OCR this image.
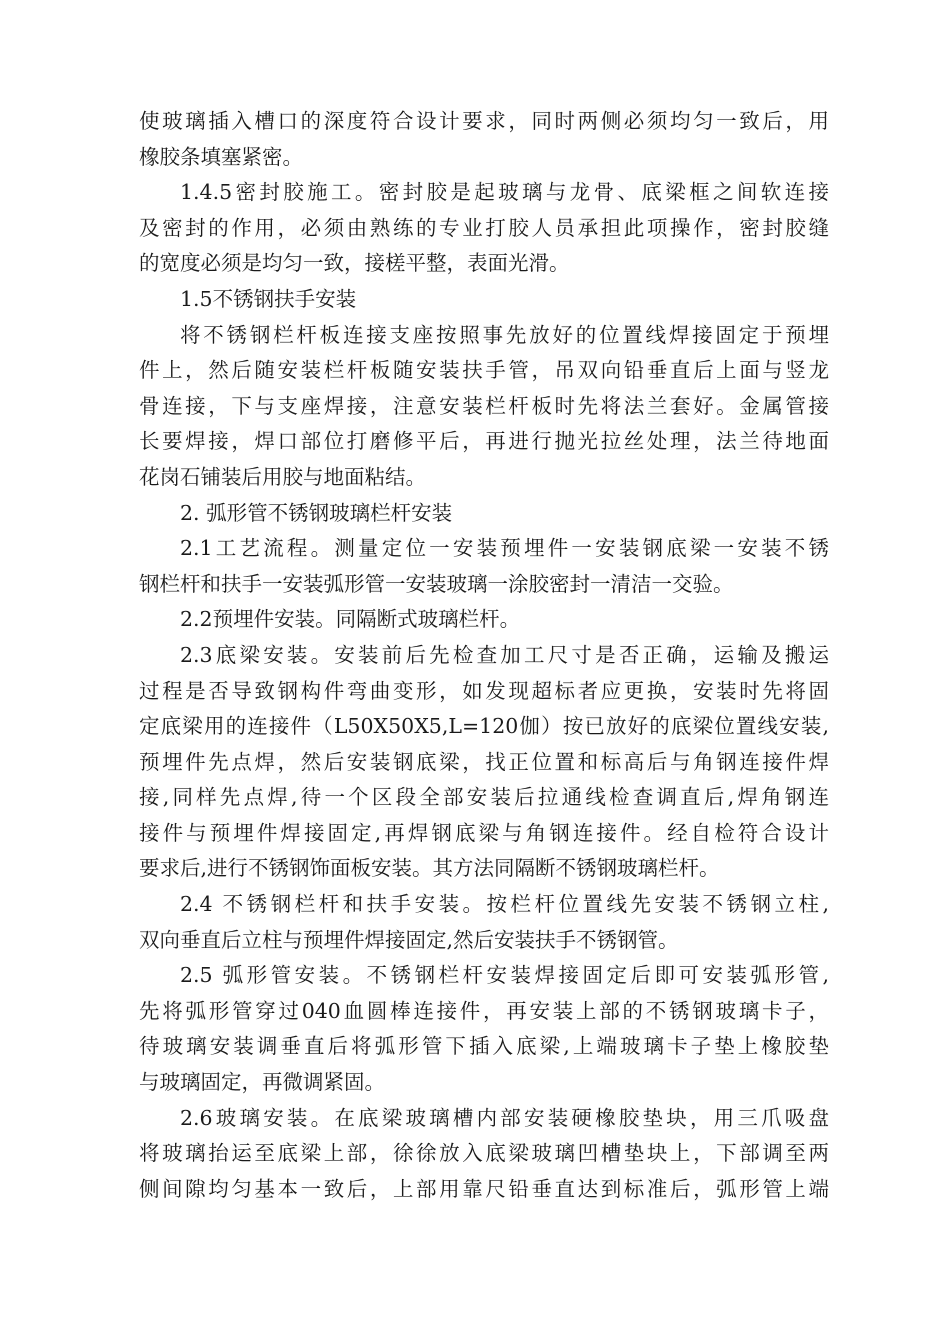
使玻璃插入槽口的深度符合设计要求，同时两侧必须均匀一致后，用
橡胶条填塞紧密。
1.4.5密封胶施工。密封胶是起玻璃与龙骨、底梁框之间软连接
及密封的作用，必须由熟练的专业打胶人员承担此项操作，密封胶缝
的宽度必须是均匀一致，接槎平整，表面光滑。
1.5不锈钢扶手安装
将不锈钢栏杆板连接支座按照事先放好的位置线焊接固定于预埋
件上，然后随安装栏杆板随安装扶手管，吊双向铅垂直后上面与竖龙
骨连接，下与支座焊接，注意安装栏杆板时先将法兰套好。金属管接
长要焊接，焊口部位打磨修平后，再进行抛光拉丝处理，法兰待地面
花岗石铺装后用胶与地面粘结。
2. 弧形管不锈钢玻璃栏杆安装
2.1工艺流程。测量定位一安装预埋件一安装钢底梁一安装不锈
钢栏杆和扶手一安装弧形管一安装玻璃一涂胶密封一清洁一交验。
2.2预埋件安装。同隔断式玻璃栏杆。
2.3底梁安装。安装前后先检查加工尺寸是否正确，运输及搬运
过程是否导致钢构件弯曲变形，如发现超标者应更换，安装时先将固
定底梁用的连接件（L50X50X5,L=120伽）按已放好的底梁位置线安装,
预埋件先点焊，然后安装钢底梁，找正位置和标高后与角钢连接件焊
接,同样先点焊,待一个区段全部安装后拉通线检查调直后,焊角钢连
接件与预埋件焊接固定,再焊钢底梁与角钢连接件。经自检符合设计
要求后,进行不锈钢饰面板安装。其方法同隔断不锈钢玻璃栏杆。
2.4 不锈钢栏杆和扶手安装。按栏杆位置线先安装不锈钢立柱,
双向垂直后立柱与预埋件焊接固定,然后安装扶手不锈钢管。
2.5 弧形管安装。不锈钢栏杆安装焊接固定后即可安装弧形管,
先将弧形管穿过040血圆棒连接件，再安装上部的不锈钢玻璃卡子，
待玻璃安装调垂直后将弧形管下插入底梁,上端玻璃卡子垫上橡胶垫
与玻璃固定，再微调紧固。
2.6玻璃安装。在底梁玻璃槽内部安装硬橡胶垫块，用三爪吸盘
将玻璃抬运至底梁上部，徐徐放入底梁玻璃凹槽垫块上，下部调至两
侧间隙均匀基本一致后，上部用靠尺铅垂直达到标准后，弧形管上端
